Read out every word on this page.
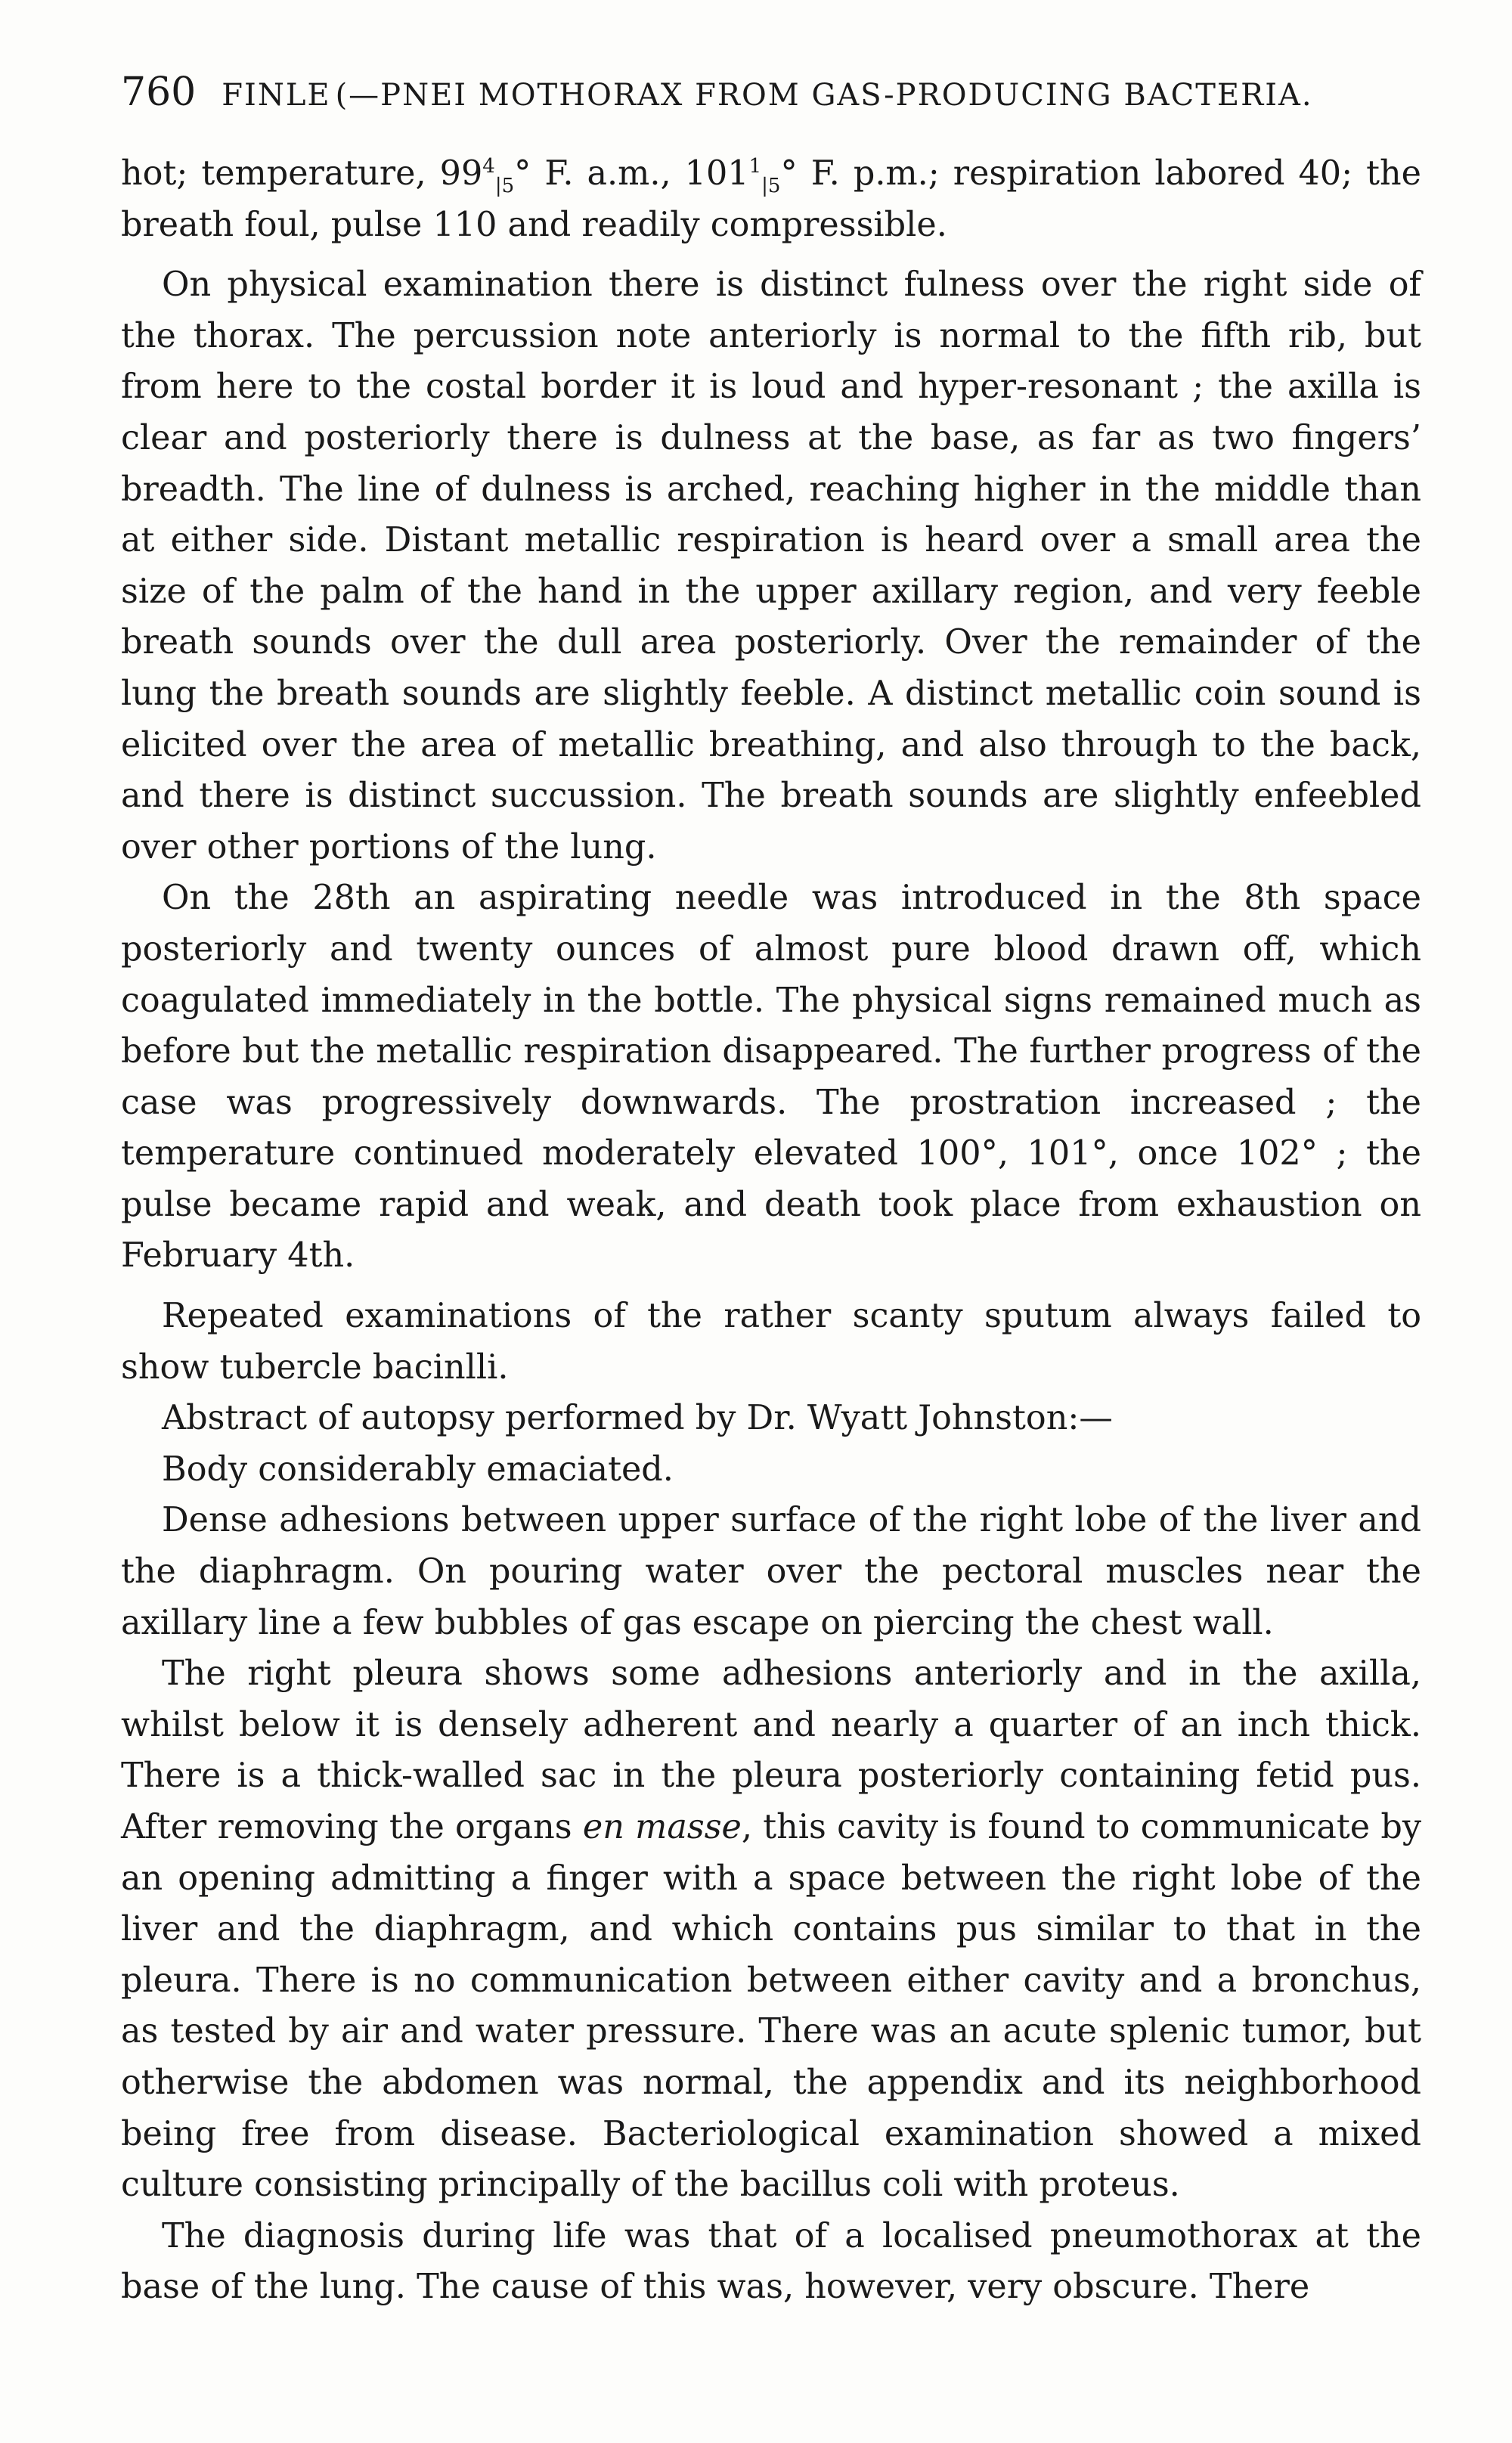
760 FINLE (—PNEI MOTHORAX FROM GAS-PRODUCING BACTERIA.

hot; temperature, $99^4_{|5}^\circ$ F. a.m., $101^1_{|5}^\circ$ F. p.m.; respiration labored 40; the breath foul, pulse 110 and readily compressible.

On physical examination there is distinct fulness over the right side of the thorax. The percussion note anteriorly is normal to the fifth rib, but from here to the costal border it is loud and hyper-resonant ; the axilla is clear and posteriorly there is dulness at the base, as far as two fingers’ breadth. The line of dulness is arched, reaching higher in the middle than at either side. Distant metallic respiration is heard over a small area the size of the palm of the hand in the upper axillary region, and very feeble breath sounds over the dull area posteriorly. Over the remainder of the lung the breath sounds are slightly feeble. A distinct metallic coin sound is elicited over the area of metallic breathing, and also through to the back, and there is distinct succussion. The breath sounds are slightly enfeebled over other portions of the lung.

On the 28th an aspirating needle was introduced in the 8th space posteriorly and twenty ounces of almost pure blood drawn off, which coagulated immediately in the bottle. The physical signs remained much as before but the metallic respiration disappeared. The further progress of the case was progressively downwards. The prostration increased ; the temperature continued moderately elevated 100°, 101°, once 102° ; the pulse became rapid and weak, and death took place from exhaustion on February 4th.

Repeated examinations of the rather scanty sputum always failed to show tubercle bacinlli.

Abstract of autopsy performed by Dr. Wyatt Johnston:—

Body considerably emaciated.

Dense adhesions between upper surface of the right lobe of the liver and the diaphragm. On pouring water over the pectoral muscles near the axillary line a few bubbles of gas escape on piercing the chest wall.

The right pleura shows some adhesions anteriorly and in the axilla, whilst below it is densely adherent and nearly a quarter of an inch thick. There is a thick-walled sac in the pleura posteriorly containing fetid pus. After removing the organs en masse, this cavity is found to communicate by an opening admitting a finger with a space between the right lobe of the liver and the diaphragm, and which contains pus similar to that in the pleura. There is no communication between either cavity and a bronchus, as tested by air and water pressure. There was an acute splenic tumor, but otherwise the abdomen was normal, the appendix and its neighborhood being free from disease. Bacteriological examination showed a mixed culture consisting principally of the bacillus coli with proteus.

The diagnosis during life was that of a localised pneumothorax at the base of the lung. The cause of this was, however, very obscure. There
